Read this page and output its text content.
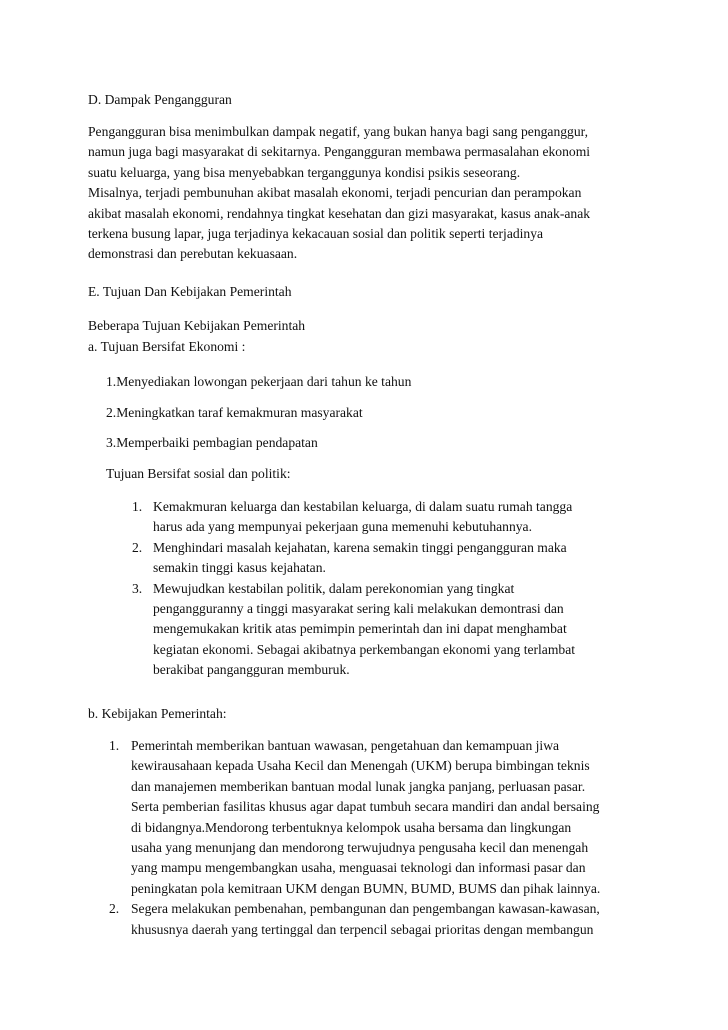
D. Dampak Pengangguran
Pengangguran bisa menimbulkan dampak negatif, yang bukan hanya bagi sang penganggur,
namun juga bagi masyarakat di sekitarnya. Pengangguran membawa permasalahan ekonomi
suatu keluarga, yang bisa menyebabkan terganggunya kondisi psikis seseorang.
Misalnya, terjadi pembunuhan akibat masalah ekonomi, terjadi pencurian dan perampokan
akibat masalah ekonomi, rendahnya tingkat kesehatan dan gizi masyarakat, kasus anak-anak
terkena busung lapar, juga terjadinya kekacauan sosial dan politik seperti terjadinya
demonstrasi dan perebutan kekuasaan.
E. Tujuan Dan Kebijakan Pemerintah
Beberapa Tujuan Kebijakan Pemerintah
a. Tujuan Bersifat Ekonomi :
1.Menyediakan lowongan pekerjaan dari tahun ke tahun
2.Meningkatkan taraf kemakmuran masyarakat
3.Memperbaiki pembagian pendapatan
Tujuan Bersifat sosial dan politik:
1. Kemakmuran keluarga dan kestabilan keluarga, di dalam suatu rumah tangga
harus ada yang mempunyai pekerjaan guna memenuhi kebutuhannya.
2. Menghindari masalah kejahatan, karena semakin tinggi pengangguran maka
semakin tinggi kasus kejahatan.
3. Mewujudkan kestabilan politik, dalam perekonomian yang tingkat
pengangguranny a tinggi masyarakat sering kali melakukan demontrasi dan
mengemukakan kritik atas pemimpin pemerintah dan ini dapat menghambat
kegiatan ekonomi. Sebagai akibatnya perkembangan ekonomi yang terlambat
berakibat pangangguran memburuk.
b. Kebijakan Pemerintah:
1. Pemerintah memberikan bantuan wawasan, pengetahuan dan kemampuan jiwa
kewirausahaan kepada Usaha Kecil dan Menengah (UKM) berupa bimbingan teknis
dan manajemen memberikan bantuan modal lunak jangka panjang, perluasan pasar.
Serta pemberian fasilitas khusus agar dapat tumbuh secara mandiri dan andal bersaing
di bidangnya.Mendorong terbentuknya kelompok usaha bersama dan lingkungan
usaha yang menunjang dan mendorong terwujudnya pengusaha kecil dan menengah
yang mampu mengembangkan usaha, menguasai teknologi dan informasi pasar dan
peningkatan pola kemitraan UKM dengan BUMN, BUMD, BUMS dan pihak lainnya.
2. Segera melakukan pembenahan, pembangunan dan pengembangan kawasan-kawasan,
khususnya daerah yang tertinggal dan terpencil sebagai prioritas dengan membangun
